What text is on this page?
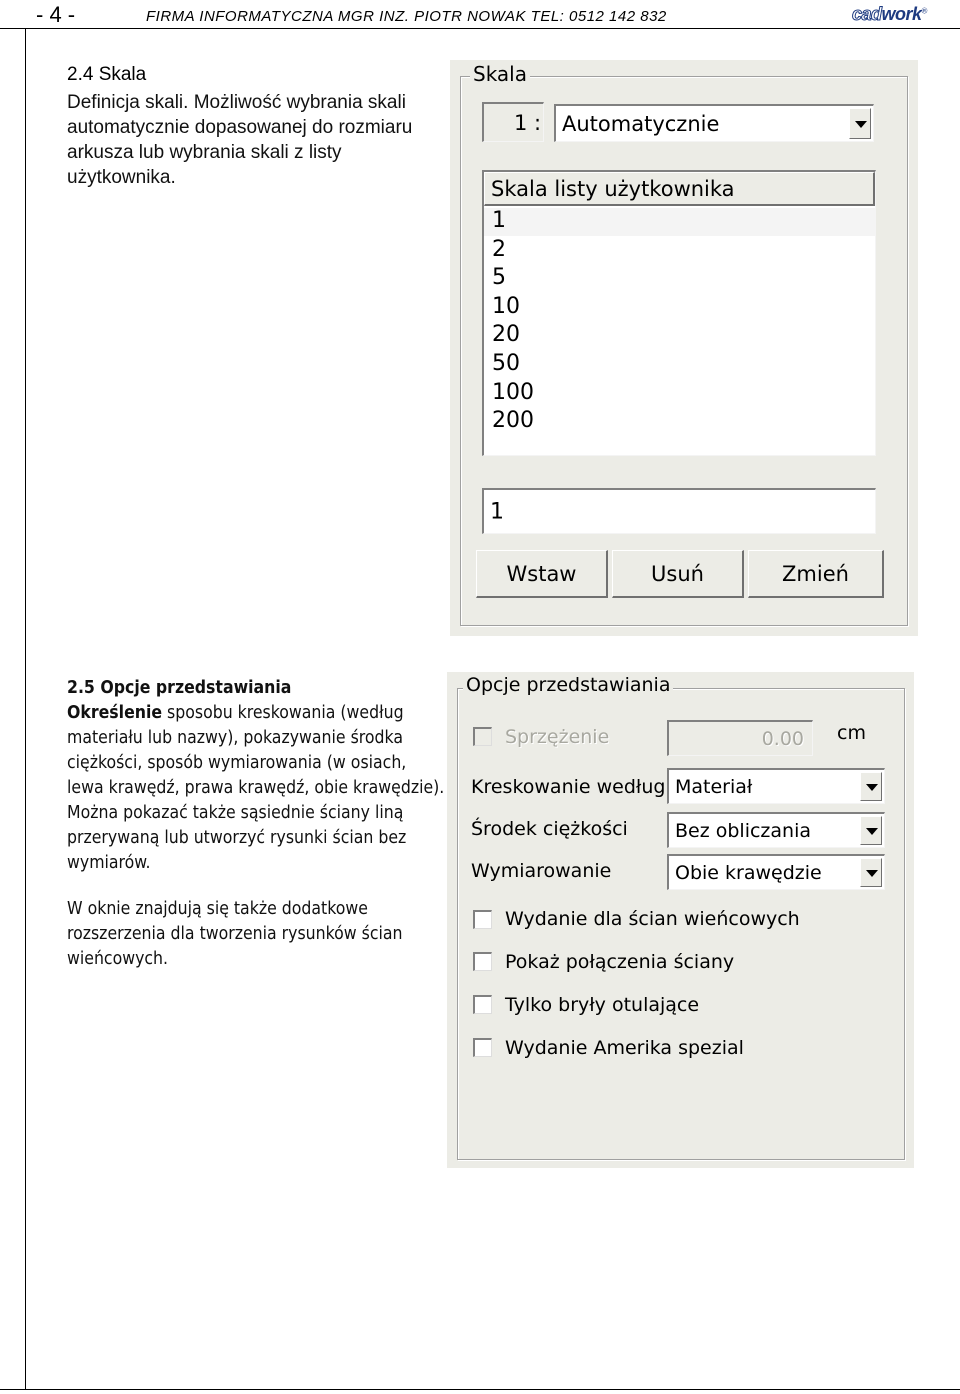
- 4 -	FIRMA INFORMATYCZNA MGR INZ. PIOTR NOWAK TEL: 0512 142 832	cadwork®
2.4 Skala
Definicja skali. Możliwość wybrania skali automatycznie dopasowanej do rozmiaru arkusza lub wybrania skali z listy użytkownika.
Skala
1 : Automatycznie
Skala listy użytkownika
1
2
5
10
20
50
100
200
1
Wstaw	Usuń	Zmień

2.5 Opcje przedstawiania

Określenie sposobu kreskowania (według materiału lub nazwy), pokazywanie środka ciężkości, sposób wymiarowania (w osiach, lewa krawędź, prawa krawędź, obie krawędzie).

Można pokazać także sąsiednie ściany liną przerywaną lub utworzyć rysunki ścian bez wymiarów.

W oknie znajdują się także dodatkowe rozszerzenia dla tworzenia rysunków ścian wieńcowych.

Opcje przedstawiania
Sprzężenie	0.00 cm
Kreskowanie według Materiał
Środek ciężkości Bez obliczania
Wymiarowanie	Obie krawędzie
Wydanie dla ścian wieńcowych
Pokaż połączenia ściany
Tylko bryły otulające
Wydanie Amerika spezial
